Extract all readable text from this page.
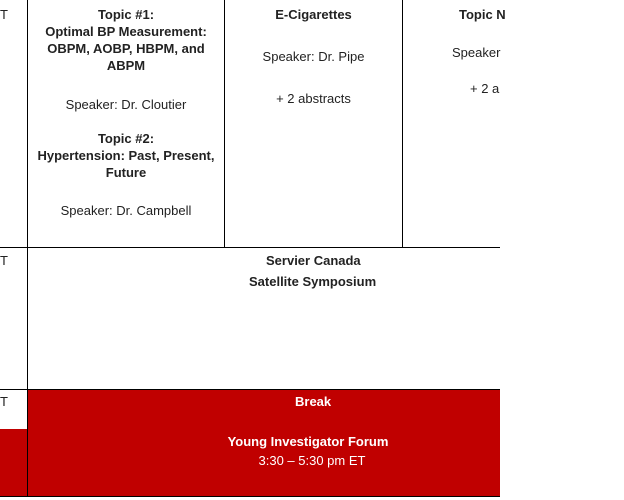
T
T
T
Topic #1:
Optimal BP Measurement:
OBPM, AOBP, HBPM, and
ABPM
Speaker: Dr. Cloutier
Topic #2:
Hypertension: Past, Present,
Future
Speaker: Dr. Campbell
E-Cigarettes
Speaker: Dr. Pipe
+ 2 abstracts
Topic N
Speaker
+ 2 a
Servier Canada
Satellite Symposium
Break
Young Investigator Forum
3:30 – 5:30 pm ET
